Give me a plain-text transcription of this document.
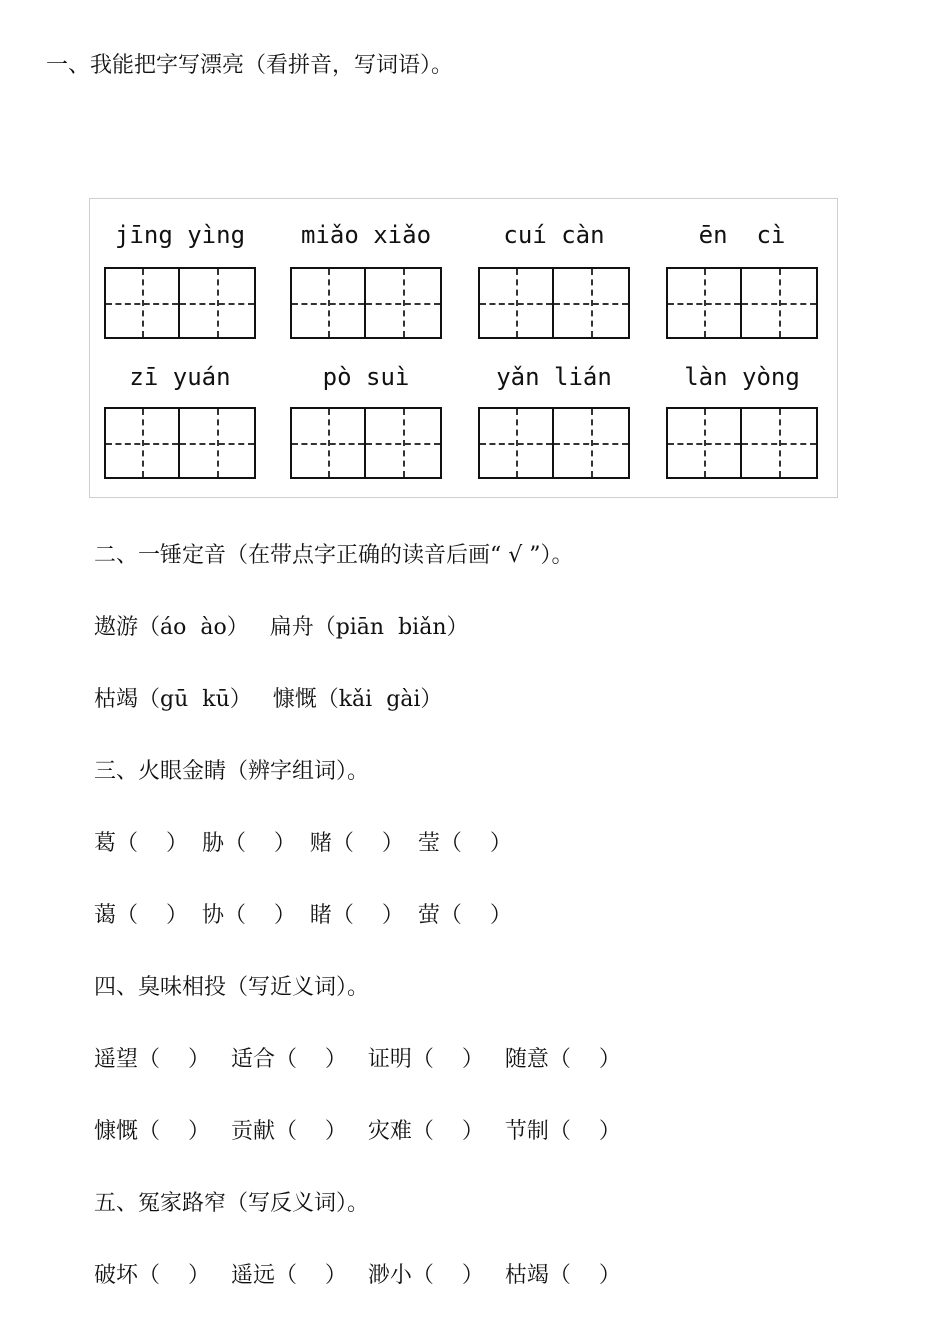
一、我能把字写漂亮（看拼音，写词语）。
jīng yìng	miǎo xiǎo	cuí càn	ēn  cì
zī yuán	pò suì	yǎn lián	làn yòng
二、一锤定音（在带点字正确的读音后画“ √ ”）。
遨游（áo  ào）   扁舟（piān  biǎn）
枯竭（gū  kū）   慷慨（kǎi  gài）
三、火眼金睛（辨字组词）。
葛（    ）  胁（    ）  赌（    ）  莹（    ）
蔼（    ）  协（    ）  睹（    ）  萤（    ）
四、臭味相投（写近义词）。
遥望（    ）   适合（    ）   证明（    ）   随意（    ）
慷慨（    ）   贡献（    ）   灾难（    ）   节制（    ）
五、冤家路窄（写反义词）。
破坏（    ）   遥远（    ）   渺小（    ）   枯竭（    ）
